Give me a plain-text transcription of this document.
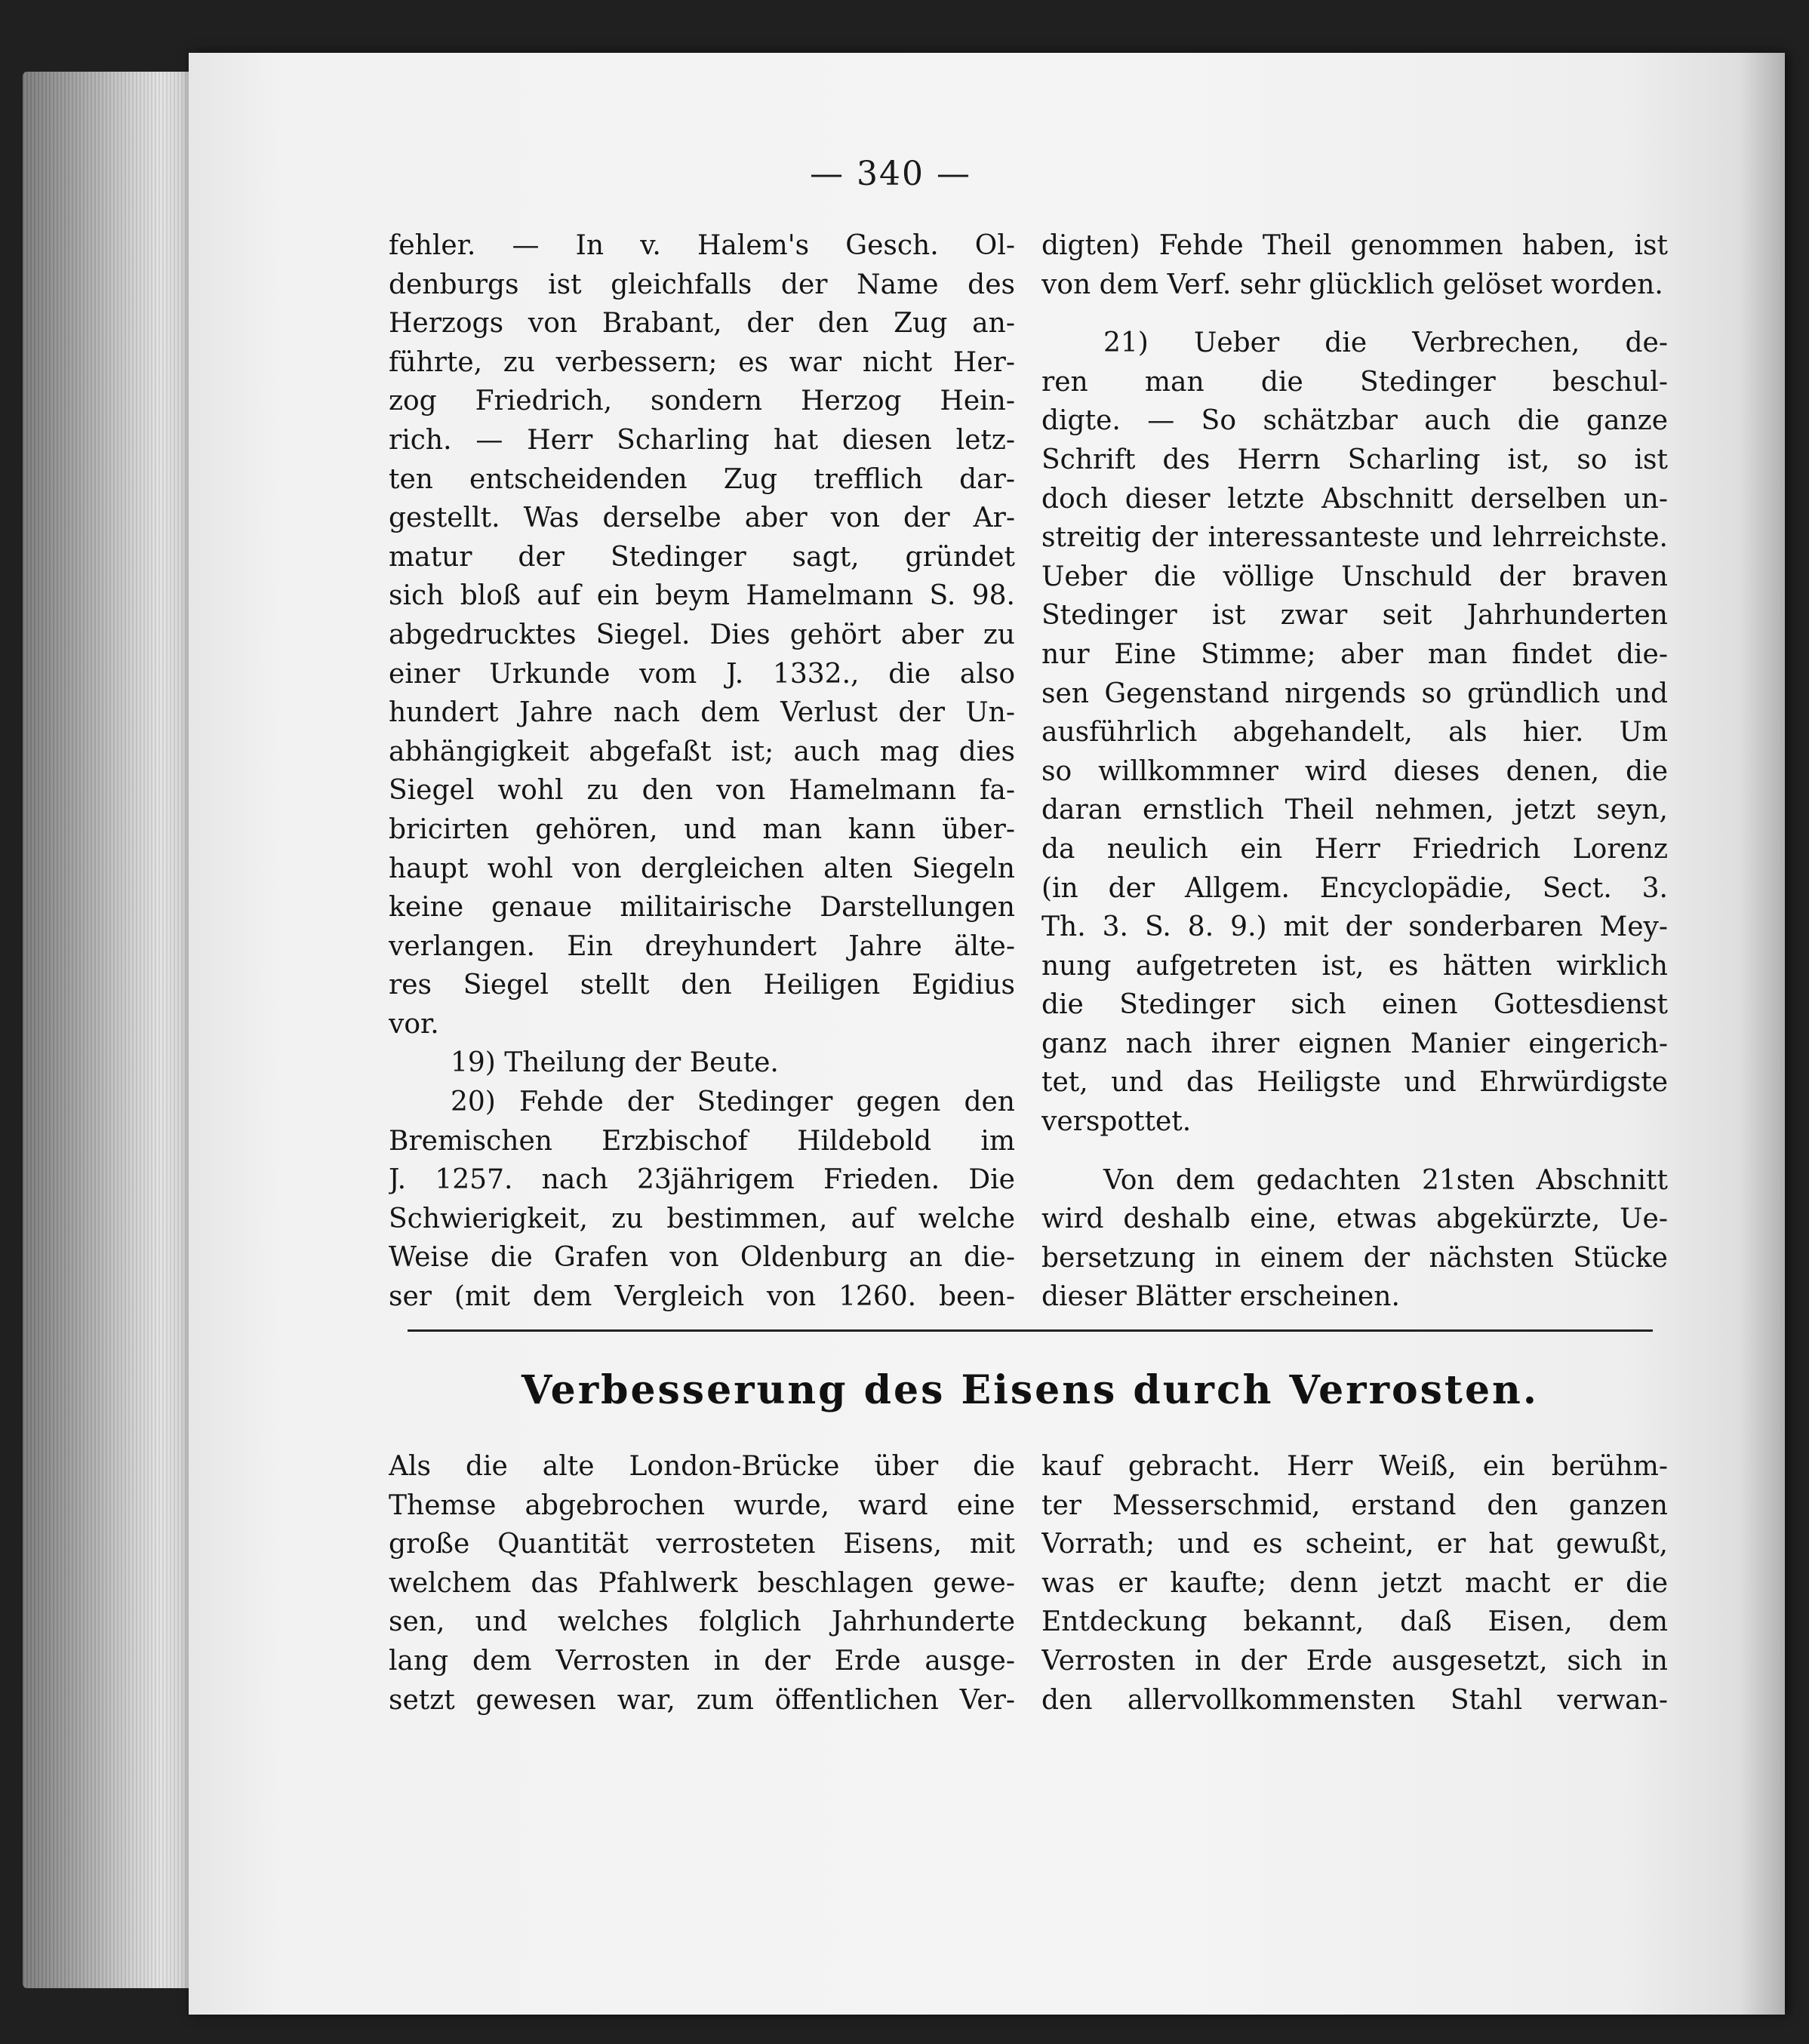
— 340 —
fehler. — In v. Halem's Gesch. Ol-
denburgs ist gleichfalls der Name des
Herzogs von Brabant, der den Zug an-
führte, zu verbessern; es war nicht Her-
zog Friedrich, sondern Herzog Hein-
rich. — Herr Scharling hat diesen letz-
ten entscheidenden Zug trefflich dar-
gestellt. Was derselbe aber von der Ar-
matur der Stedinger sagt, gründet
sich bloß auf ein beym Hamelmann S. 98.
abgedrucktes Siegel. Dies gehört aber zu
einer Urkunde vom J. 1332., die also
hundert Jahre nach dem Verlust der Un-
abhängigkeit abgefaßt ist; auch mag dies
Siegel wohl zu den von Hamelmann fa-
bricirten gehören, und man kann über-
haupt wohl von dergleichen alten Siegeln
keine genaue militairische Darstellungen
verlangen. Ein dreyhundert Jahre älte-
res Siegel stellt den Heiligen Egidius
vor.
19) Theilung der Beute.
20) Fehde der Stedinger gegen den
Bremischen Erzbischof Hildebold im
J. 1257. nach 23jährigem Frieden. Die
Schwierigkeit, zu bestimmen, auf welche
Weise die Grafen von Oldenburg an die-
ser (mit dem Vergleich von 1260. been-
digten) Fehde Theil genommen haben, ist
von dem Verf. sehr glücklich gelöset worden.
21) Ueber die Verbrechen, de-
ren man die Stedinger beschul-
digte. — So schätzbar auch die ganze
Schrift des Herrn Scharling ist, so ist
doch dieser letzte Abschnitt derselben un-
streitig der interessanteste und lehrreichste.
Ueber die völlige Unschuld der braven
Stedinger ist zwar seit Jahrhunderten
nur Eine Stimme; aber man findet die-
sen Gegenstand nirgends so gründlich und
ausführlich abgehandelt, als hier. Um
so willkommner wird dieses denen, die
daran ernstlich Theil nehmen, jetzt seyn,
da neulich ein Herr Friedrich Lorenz
(in der Allgem. Encyclopädie, Sect. 3.
Th. 3. S. 8. 9.) mit der sonderbaren Mey-
nung aufgetreten ist, es hätten wirklich
die Stedinger sich einen Gottesdienst
ganz nach ihrer eignen Manier eingerich-
tet, und das Heiligste und Ehrwürdigste
verspottet.
Von dem gedachten 21sten Abschnitt
wird deshalb eine, etwas abgekürzte, Ue-
bersetzung in einem der nächsten Stücke
dieser Blätter erscheinen.
Verbesserung des Eisens durch Verrosten.
Als die alte London-Brücke über die
Themse abgebrochen wurde, ward eine
große Quantität verrosteten Eisens, mit
welchem das Pfahlwerk beschlagen gewe-
sen, und welches folglich Jahrhunderte
lang dem Verrosten in der Erde ausge-
setzt gewesen war, zum öffentlichen Ver-
kauf gebracht. Herr Weiß, ein berühm-
ter Messerschmid, erstand den ganzen
Vorrath; und es scheint, er hat gewußt,
was er kaufte; denn jetzt macht er die
Entdeckung bekannt, daß Eisen, dem
Verrosten in der Erde ausgesetzt, sich in
den allervollkommensten Stahl verwan-
